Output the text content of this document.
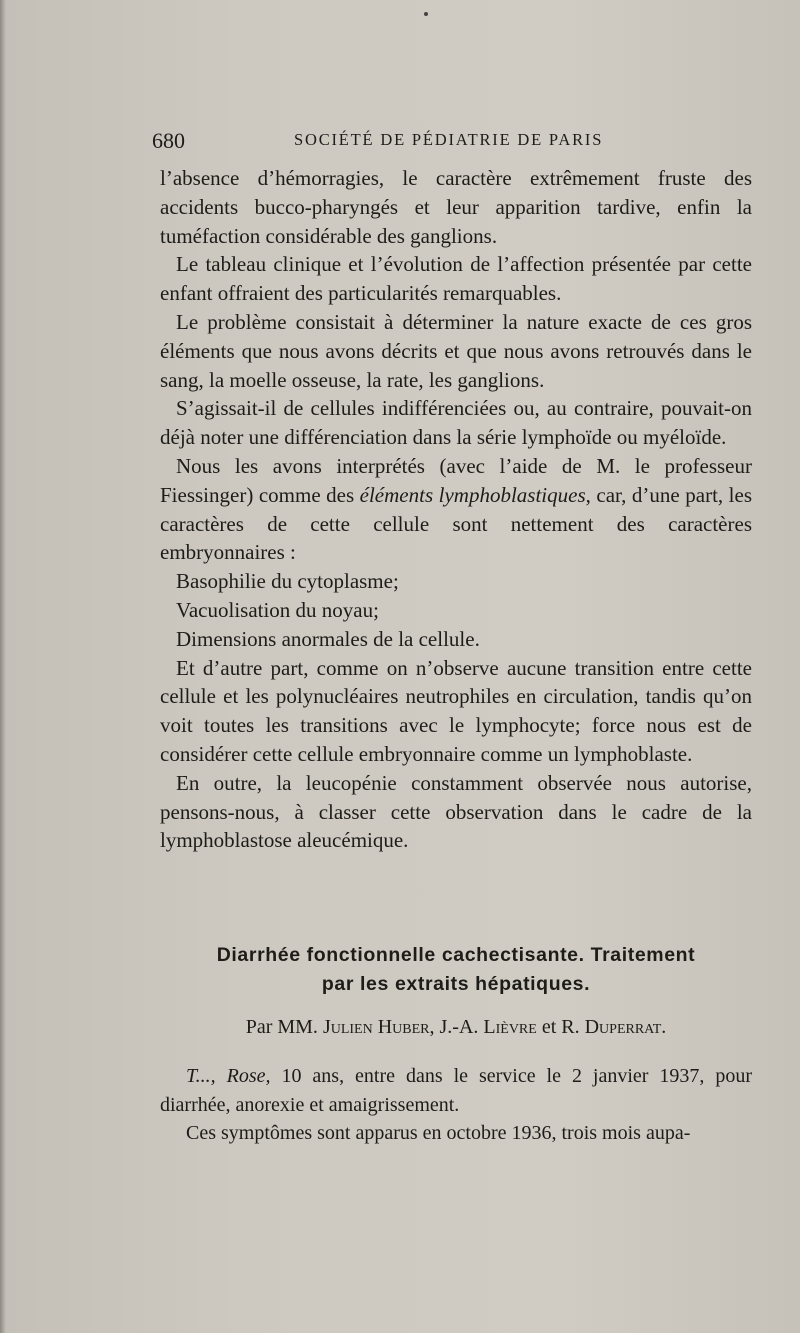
680	SOCIÉTÉ DE PÉDIATRIE DE PARIS

l’absence d’hémorragies, le caractère extrêmement fruste des accidents bucco-pharyngés et leur apparition tardive, enfin la tuméfaction considérable des ganglions.

Le tableau clinique et l’évolution de l’affection présentée par cette enfant offraient des particularités remarquables.

Le problème consistait à déterminer la nature exacte de ces gros éléments que nous avons décrits et que nous avons retrouvés dans le sang, la moelle osseuse, la rate, les ganglions.

S’agissait-il de cellules indifférenciées ou, au contraire, pouvait-on déjà noter une différenciation dans la série lymphoïde ou myéloïde.

Nous les avons interprétés (avec l’aide de M. le professeur Fiessinger) comme des éléments lymphoblastiques, car, d’une part, les caractères de cette cellule sont nettement des caractères embryonnaires :

Basophilie du cytoplasme;
Vacuolisation du noyau;
Dimensions anormales de la cellule.

Et d’autre part, comme on n’observe aucune transition entre cette cellule et les polynucléaires neutrophiles en circulation, tandis qu’on voit toutes les transitions avec le lymphocyte; force nous est de considérer cette cellule embryonnaire comme un lymphoblaste.

En outre, la leucopénie constamment observée nous autorise, pensons-nous, à classer cette observation dans le cadre de la lymphoblastose aleucémique.

Diarrhée fonctionnelle cachectisante. Traitement
par les extraits hépatiques.
Par MM. Julien Huber, J.-A. Lièvre et R. Duperrat.

T..., Rose, 10 ans, entre dans le service le 2 janvier 1937, pour diarrhée, anorexie et amaigrissement.

Ces symptômes sont apparus en octobre 1936, trois mois aupa-
